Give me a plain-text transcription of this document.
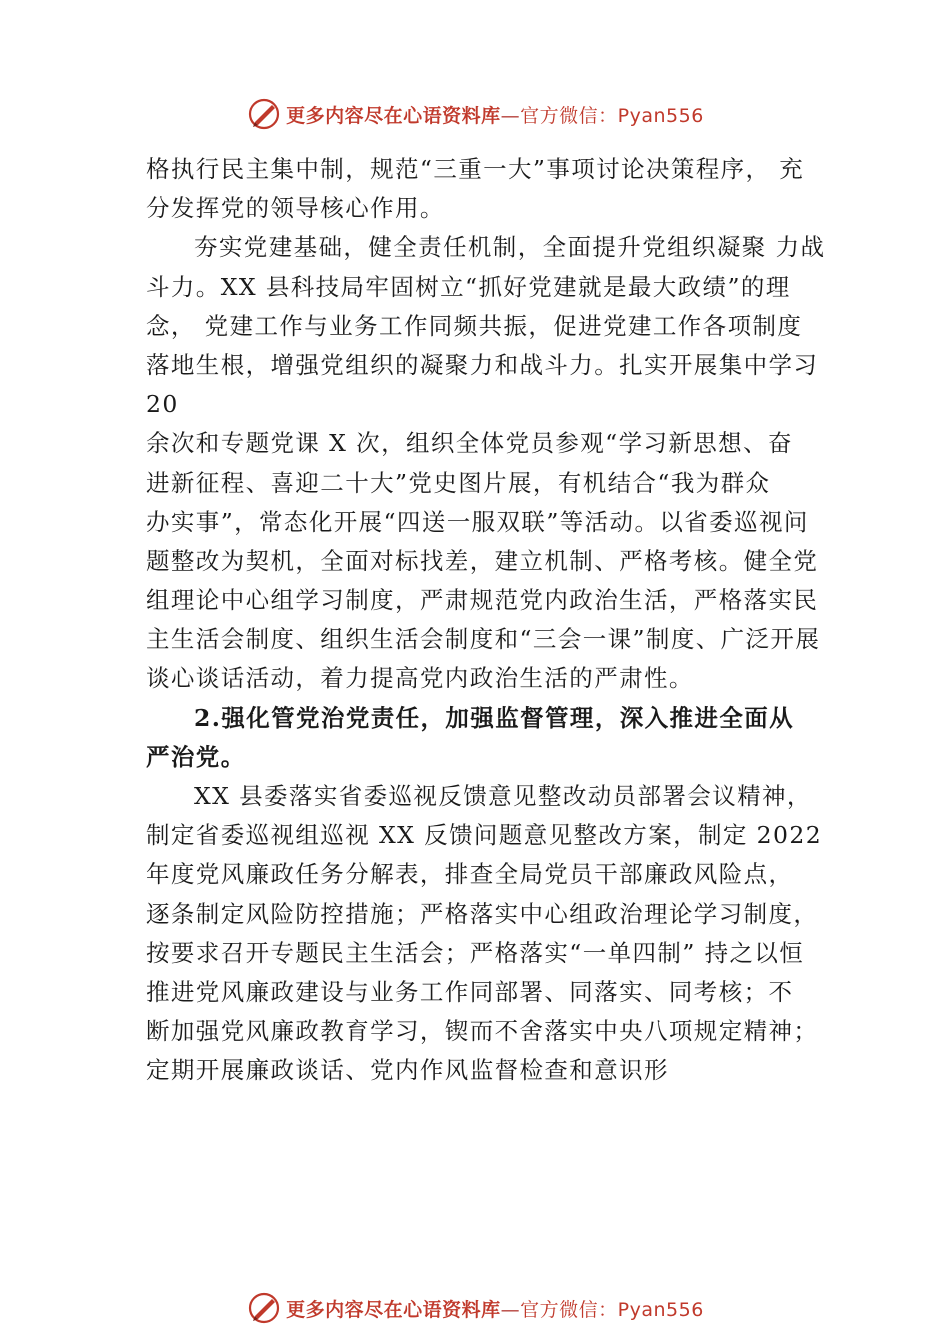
更多内容尽在心语资料库—官方微信：Pyan556
格执行民主集中制，规范“三重一大”事项讨论决策程序， 充
分发挥党的领导核心作用。
夯实党建基础，健全责任机制，全面提升党组织凝聚 力战
斗力。XX 县科技局牢固树立“抓好党建就是最大政绩”的理
念， 党建工作与业务工作同频共振，促进党建工作各项制度
落地生根，增强党组织的凝聚力和战斗力。扎实开展集中学习
20
余次和专题党课 X 次，组织全体党员参观“学习新思想、奋
进新征程、喜迎二十大”党史图片展，有机结合“我为群众
办实事”，常态化开展“四送一服双联”等活动。以省委巡视问
题整改为契机，全面对标找差，建立机制、严格考核。健全党
组理论中心组学习制度，严肃规范党内政治生活，严格落实民
主生活会制度、组织生活会制度和“三会一课”制度、广泛开展
谈心谈话活动，着力提高党内政治生活的严肃性。
2.强化管党治党责任，加强监督管理，深入推进全面从
严治党。
XX 县委落实省委巡视反馈意见整改动员部署会议精神，
制定省委巡视组巡视 XX 反馈问题意见整改方案，制定 2022
年度党风廉政任务分解表，排查全局党员干部廉政风险点，
逐条制定风险防控措施；严格落实中心组政治理论学习制度，
按要求召开专题民主生活会；严格落实“一单四制” 持之以恒
推进党风廉政建设与业务工作同部署、同落实、同考核；不
断加强党风廉政教育学习，锲而不舍落实中央八项规定精神；
定期开展廉政谈话、党内作风监督检查和意识形
更多内容尽在心语资料库—官方微信：Pyan556
